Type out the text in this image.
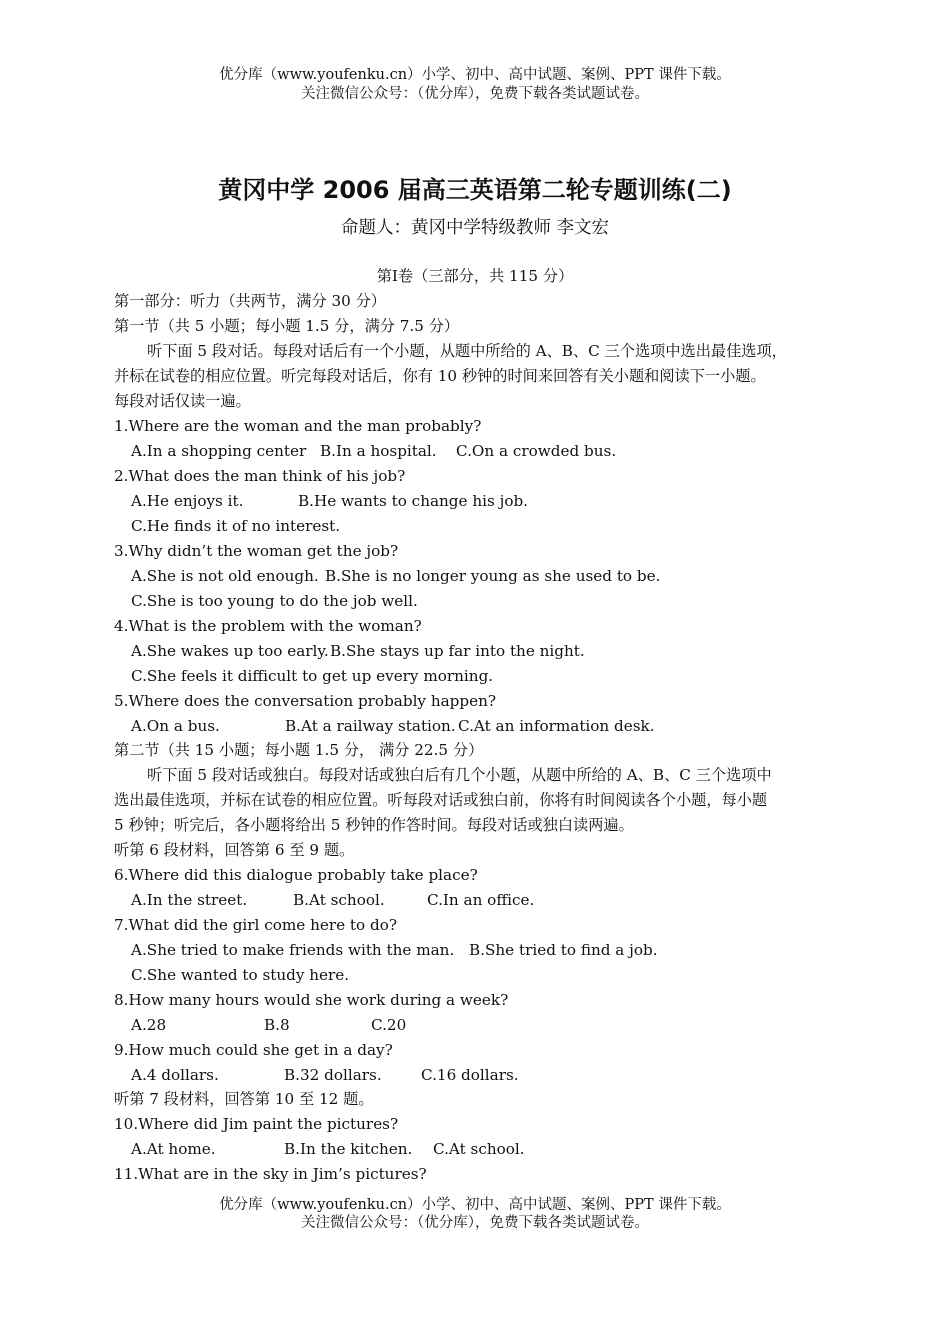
优分库（www.youfenku.cn）小学、初中、高中试题、案例、PPT 课件下载。
关注微信公众号：（优分库），免费下载各类试题试卷。
黄冈中学 2006 届高三英语第二轮专题训练(二)
命题人：黄冈中学特级教师 李文宏
第Ⅰ卷（三部分，共 115 分）
第一部分：听力（共两节，满分 30 分）
第一节（共 5 小题；每小题 1.5 分，满分 7.5 分）
听下面 5 段对话。每段对话后有一个小题，从题中所给的 A、B、C 三个选项中选出最佳选项，
并标在试卷的相应位置。听完每段对话后，你有 10 秒钟的时间来回答有关小题和阅读下一小题。
每段对话仅读一遍。
1.Where are the woman and the man probably?
A.In a shopping center B.In a hospital. C.On a crowded bus.
2.What does the man think of his job?
A.He enjoys it.	B.He wants to change his job.
C.He finds it of no interest.
3.Why didn’t the woman get the job?
A.She is not old enough. B.She is no longer young as she used to be.
C.She is too young to do the job well.
4.What is the problem with the woman?
A.She wakes up too early. B.She stays up far into the night.
C.She feels it difficult to get up every morning.
5.Where does the conversation probably happen?
A.On a bus.	B.At a railway station. C.At an information desk.
第二节（共 15 小题；每小题 1.5 分， 满分 22.5 分）
听下面 5 段对话或独白。每段对话或独白后有几个小题，从题中所给的 A、B、C 三个选项中
选出最佳选项，并标在试卷的相应位置。听每段对话或独白前，你将有时间阅读各个小题，每小题
5 秒钟；听完后，各小题将给出 5 秒钟的作答时间。每段对话或独白读两遍。
听第 6 段材料，回答第 6 至 9 题。
6.Where did this dialogue probably take place?
A.In the street.	B.At school.	C.In an office.
7.What did the girl come here to do?
A.She tried to make friends with the man. B.She tried to find a job.
C.She wanted to study here.
8.How many hours would she work during a week?
A.28	B.8	C.20
9.How much could she get in a day?
A.4 dollars.	B.32 dollars.	C.16 dollars.
听第 7 段材料，回答第 10 至 12 题。
10.Where did Jim paint the pictures?
A.At home.	B.In the kitchen. C.At school.
11.What are in the sky in Jim’s pictures?
优分库（www.youfenku.cn）小学、初中、高中试题、案例、PPT 课件下载。
关注微信公众号：（优分库），免费下载各类试题试卷。
